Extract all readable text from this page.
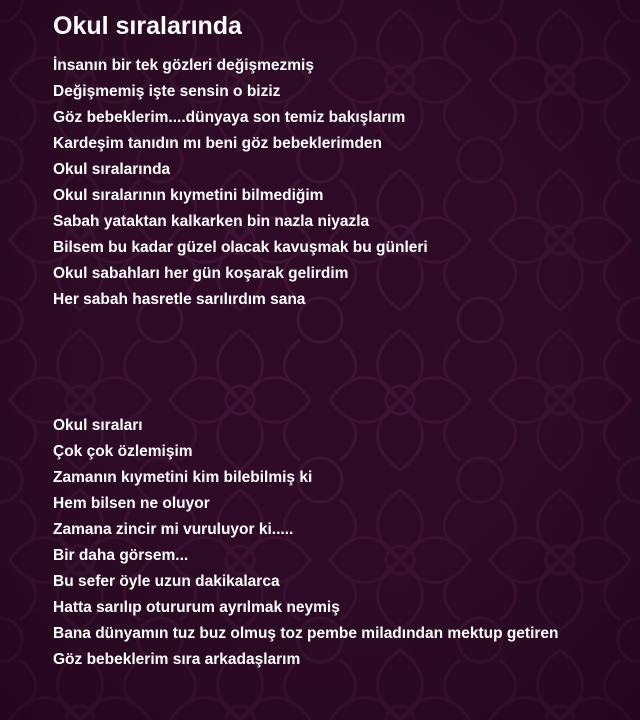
Okul sıralarında
İnsanın bir tek gözleri değişmezmiş
Değişmemiş işte sensin o biziz
Göz bebeklerim....dünyaya son temiz bakışlarım
Kardeşim tanıdın mı beni göz bebeklerimden
Okul sıralarında
Okul sıralarının kıymetini bilmediğim
Sabah yataktan kalkarken bin nazla niyazla
Bilsem bu kadar güzel olacak kavuşmak bu günleri
Okul sabahları her gün koşarak gelirdim
Her sabah hasretle sarılırdım sana
Okul sıraları
Çok çok özlemişim
Zamanın kıymetini kim bilebilmiş ki
Hem bilsen ne oluyor
Zamana zincir mi vuruluyor ki.....
Bir daha görsem...
Bu sefer öyle uzun dakikalarca
Hatta sarılıp otururum ayrılmak neymiş
Bana dünyamın tuz buz olmuş toz pembe miladından mektup getiren
Göz bebeklerim sıra arkadaşlarım
